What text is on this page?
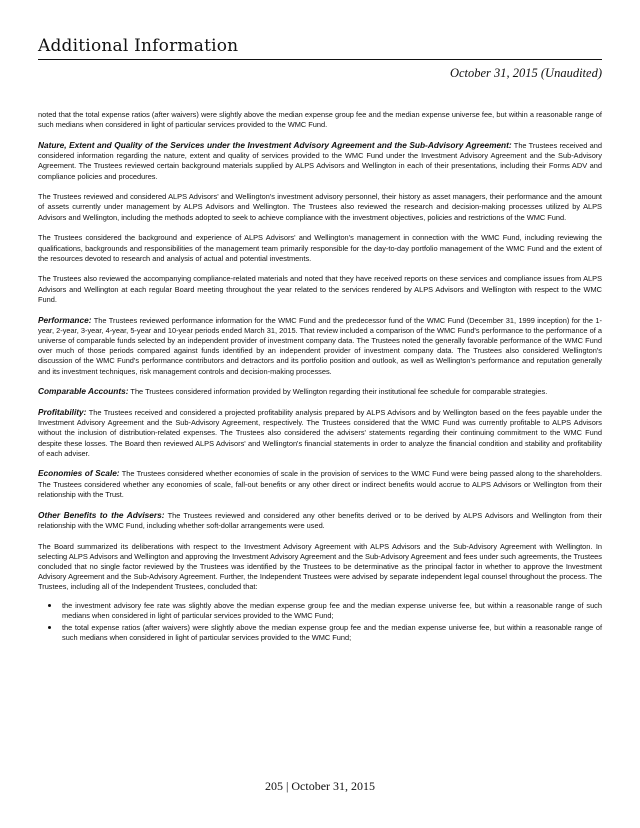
Additional Information
October 31, 2015 (Unaudited)

noted that the total expense ratios (after waivers) were slightly above the median expense group fee and the median expense universe fee, but within a reasonable range of such medians when considered in light of particular services provided to the WMC Fund.

Nature, Extent and Quality of the Services under the Investment Advisory Agreement and the Sub-Advisory Agreement: The Trustees received and considered information regarding the nature, extent and quality of services provided to the WMC Fund under the Investment Advisory Agreement and the Sub-Advisory Agreement. The Trustees reviewed certain background materials supplied by ALPS Advisors and Wellington in each of their presentations, including their Forms ADV and compliance policies and procedures.

The Trustees reviewed and considered ALPS Advisors' and Wellington's investment advisory personnel, their history as asset managers, their performance and the amount of assets currently under management by ALPS Advisors and Wellington. The Trustees also reviewed the research and decision-making processes utilized by ALPS Advisors and Wellington, including the methods adopted to seek to achieve compliance with the investment objectives, policies and restrictions of the WMC Fund.

The Trustees considered the background and experience of ALPS Advisors' and Wellington's management in connection with the WMC Fund, including reviewing the qualifications, backgrounds and responsibilities of the management team primarily responsible for the day-to-day portfolio management of the WMC Fund and the extent of the resources devoted to research and analysis of actual and potential investments.

The Trustees also reviewed the accompanying compliance-related materials and noted that they have received reports on these services and compliance issues from ALPS Advisors and Wellington at each regular Board meeting throughout the year related to the services rendered by ALPS Advisors and Wellington with respect to the WMC Fund.

Performance: The Trustees reviewed performance information for the WMC Fund and the predecessor fund of the WMC Fund (December 31, 1999 inception) for the 1-year, 2-year, 3-year, 4-year, 5-year and 10-year periods ended March 31, 2015. That review included a comparison of the WMC Fund's performance to the performance of a universe of comparable funds selected by an independent provider of investment company data. The Trustees noted the generally favorable performance of the WMC Fund over much of those periods compared against funds identified by an independent provider of investment company data. The Trustees also considered Wellington's discussion of the WMC Fund's performance contributors and detractors and its portfolio position and outlook, as well as Wellington's performance and reputation generally and its investment techniques, risk management controls and decision-making processes.

Comparable Accounts: The Trustees considered information provided by Wellington regarding their institutional fee schedule for comparable strategies.

Profitability: The Trustees received and considered a projected profitability analysis prepared by ALPS Advisors and by Wellington based on the fees payable under the Investment Advisory Agreement and the Sub-Advisory Agreement, respectively. The Trustees considered that the WMC Fund was currently profitable to ALPS Advisors without the inclusion of distribution-related expenses. The Trustees also considered the advisers' statements regarding their continuing commitment to the WMC Fund despite these losses. The Board then reviewed ALPS Advisors' and Wellington's financial statements in order to analyze the financial condition and stability and profitability of each adviser.

Economies of Scale: The Trustees considered whether economies of scale in the provision of services to the WMC Fund were being passed along to the shareholders. The Trustees considered whether any economies of scale, fall-out benefits or any other direct or indirect benefits would accrue to ALPS Advisors or Wellington from their relationship with the Trust.

Other Benefits to the Advisers: The Trustees reviewed and considered any other benefits derived or to be derived by ALPS Advisors and Wellington from their relationship with the WMC Fund, including whether soft-dollar arrangements were used.

The Board summarized its deliberations with respect to the Investment Advisory Agreement with ALPS Advisors and the Sub-Advisory Agreement with Wellington. In selecting ALPS Advisors and Wellington and approving the Investment Advisory Agreement and the Sub-Advisory Agreement and fees under such agreements, the Trustees concluded that no single factor reviewed by the Trustees was identified by the Trustees to be determinative as the principal factor in whether to approve the Investment Advisory Agreement and the Sub-Advisory Agreement. Further, the Independent Trustees were advised by separate independent legal counsel throughout the process. The Trustees, including all of the Independent Trustees, concluded that:

the investment advisory fee rate was slightly above the median expense group fee and the median expense universe fee, but within a reasonable range of such medians when considered in light of particular services provided to the WMC Fund;
the total expense ratios (after waivers) were slightly above the median expense group fee and the median expense universe fee, but within a reasonable range of such medians when considered in light of particular services provided to the WMC Fund;
205 | October 31, 2015
